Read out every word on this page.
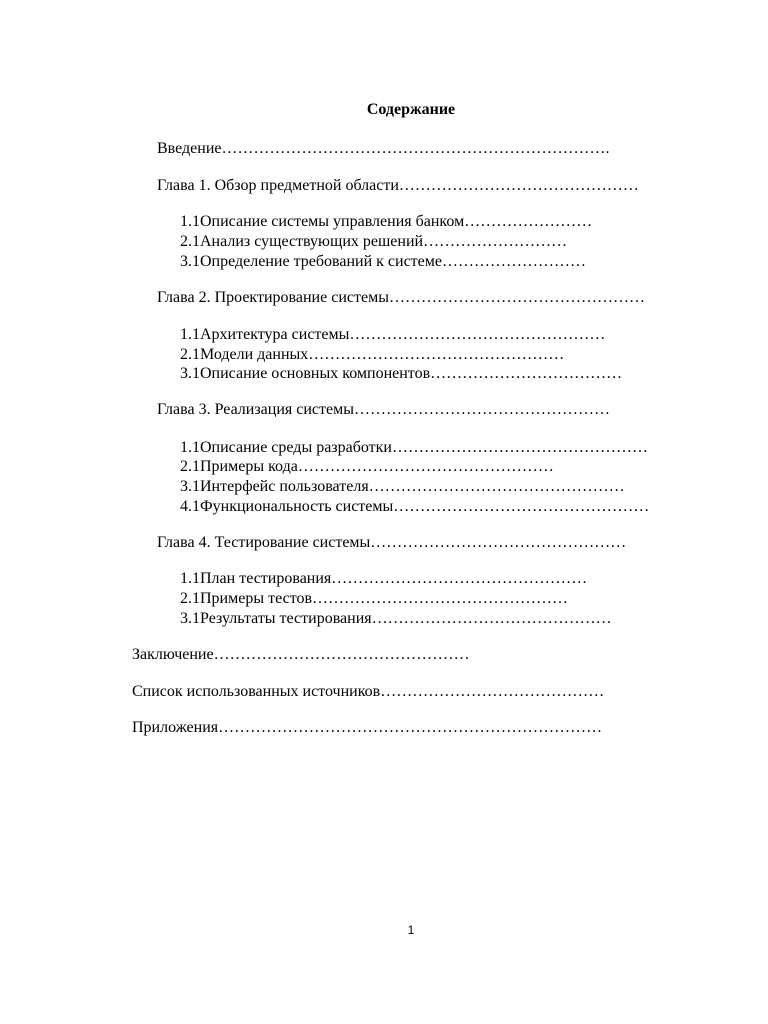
Содержание
Введение……………………………………………………………….
Глава 1. Обзор предметной области………………………………………
1.1Описание системы управления банком……………………
2.1Анализ существующих решений………………………
3.1Определение требований к системе………………………
Глава 2. Проектирование системы…………………………………………
1.1Архитектура системы…………………………………………
2.1Модели данных…………………………………………
3.1Описание основных компонентов………………………………
Глава 3. Реализация системы…………………………………………
1.1Описание среды разработки…………………………………………
2.1Примеры кода…………………………………………
3.1Интерфейс пользователя…………………………………………
4.1Функциональность системы…………………………………………
Глава 4. Тестирование системы…………………………………………
1.1План тестирования…………………………………………
2.1Примеры тестов…………………………………………
3.1Результаты тестирования………………………………………
Заключение…………………………………………
Список использованных источников……………………………………
Приложения………………………………………………………………
1
